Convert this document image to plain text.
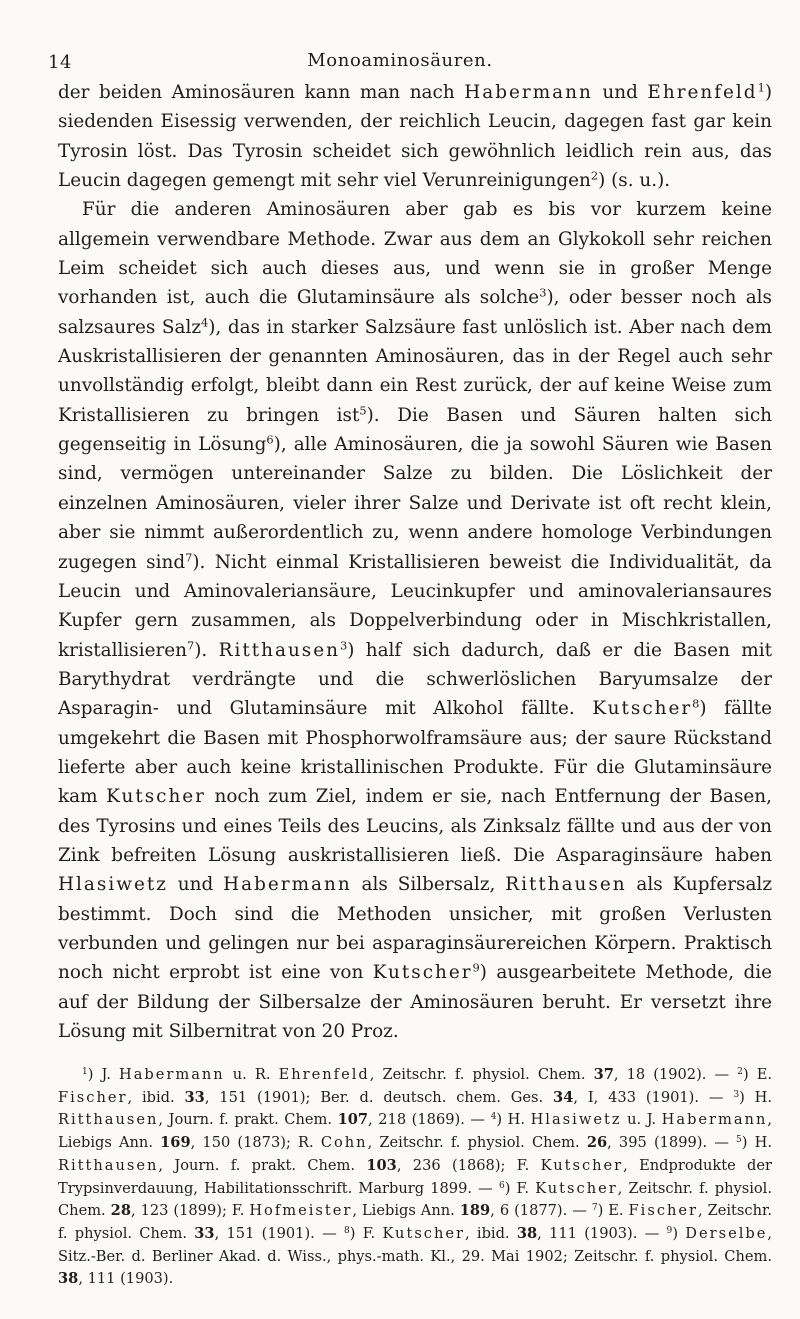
14	Monoaminosäuren.

der beiden Aminosäuren kann man nach Habermann und Ehrenfeld$^1$) siedenden Eisessig verwenden, der reichlich Leucin, dagegen fast gar kein Tyrosin löst. Das Tyrosin scheidet sich gewöhnlich leidlich rein aus, das Leucin dagegen gemengt mit sehr viel Verunreinigungen$^2$) (s. u.).

Für die anderen Aminosäuren aber gab es bis vor kurzem keine allgemein verwendbare Methode. Zwar aus dem an Glykokoll sehr reichen Leim scheidet sich auch dieses aus, und wenn sie in großer Menge vorhanden ist, auch die Glutaminsäure als solche$^3$), oder besser noch als salzsaures Salz$^4$), das in starker Salzsäure fast unlöslich ist. Aber nach dem Auskristallisieren der genannten Aminosäuren, das in der Regel auch sehr unvollständig erfolgt, bleibt dann ein Rest zurück, der auf keine Weise zum Kristallisieren zu bringen ist$^5$). Die Basen und Säuren halten sich gegenseitig in Lösung$^6$), alle Aminosäuren, die ja sowohl Säuren wie Basen sind, vermögen untereinander Salze zu bilden. Die Löslichkeit der einzelnen Aminosäuren, vieler ihrer Salze und Derivate ist oft recht klein, aber sie nimmt außerordentlich zu, wenn andere homologe Verbindungen zugegen sind$^7$). Nicht einmal Kristallisieren beweist die Individualität, da Leucin und Aminovaleriansäure, Leucinkupfer und aminovaleriansaures Kupfer gern zusammen, als Doppelverbindung oder in Mischkristallen, kristallisieren$^7$). Ritthausen$^3$) half sich dadurch, daß er die Basen mit Barythydrat verdrängte und die schwerlöslichen Baryumsalze der Asparagin- und Glutaminsäure mit Alkohol fällte. Kutscher$^8$) fällte umgekehrt die Basen mit Phosphorwolframsäure aus; der saure Rückstand lieferte aber auch keine kristallinischen Produkte. Für die Glutaminsäure kam Kutscher noch zum Ziel, indem er sie, nach Entfernung der Basen, des Tyrosins und eines Teils des Leucins, als Zinksalz fällte und aus der von Zink befreiten Lösung auskristallisieren ließ. Die Asparaginsäure haben Hlasiwetz und Habermann als Silbersalz, Ritthausen als Kupfersalz bestimmt. Doch sind die Methoden unsicher, mit großen Verlusten verbunden und gelingen nur bei asparaginsäurereichen Körpern. Praktisch noch nicht erprobt ist eine von Kutscher$^9$) ausgearbeitete Methode, die auf der Bildung der Silbersalze der Aminosäuren beruht. Er versetzt ihre Lösung mit Silbernitrat von 20 Proz.

$^1$) J. Habermann u. R. Ehrenfeld, Zeitschr. f. physiol. Chem. 37, 18 (1902). — $^2$) E. Fischer, ibid. 33, 151 (1901); Ber. d. deutsch. chem. Ges. 34, I, 433 (1901). — $^3$) H. Ritthausen, Journ. f. prakt. Chem. 107, 218 (1869). — $^4$) H. Hlasiwetz u. J. Habermann, Liebigs Ann. 169, 150 (1873); R. Cohn, Zeitschr. f. physiol. Chem. 26, 395 (1899). — $^5$) H. Ritthausen, Journ. f. prakt. Chem. 103, 236 (1868); F. Kutscher, Endprodukte der Trypsinverdauung, Habilitationsschrift. Marburg 1899. — $^6$) F. Kutscher, Zeitschr. f. physiol. Chem. 28, 123 (1899); F. Hofmeister, Liebigs Ann. 189, 6 (1877). — $^7$) E. Fischer, Zeitschr. f. physiol. Chem. 33, 151 (1901). — $^8$) F. Kutscher, ibid. 38, 111 (1903). — $^9$) Derselbe, Sitz.-Ber. d. Berliner Akad. d. Wiss., phys.-math. Kl., 29. Mai 1902; Zeitschr. f. physiol. Chem. 38, 111 (1903).
